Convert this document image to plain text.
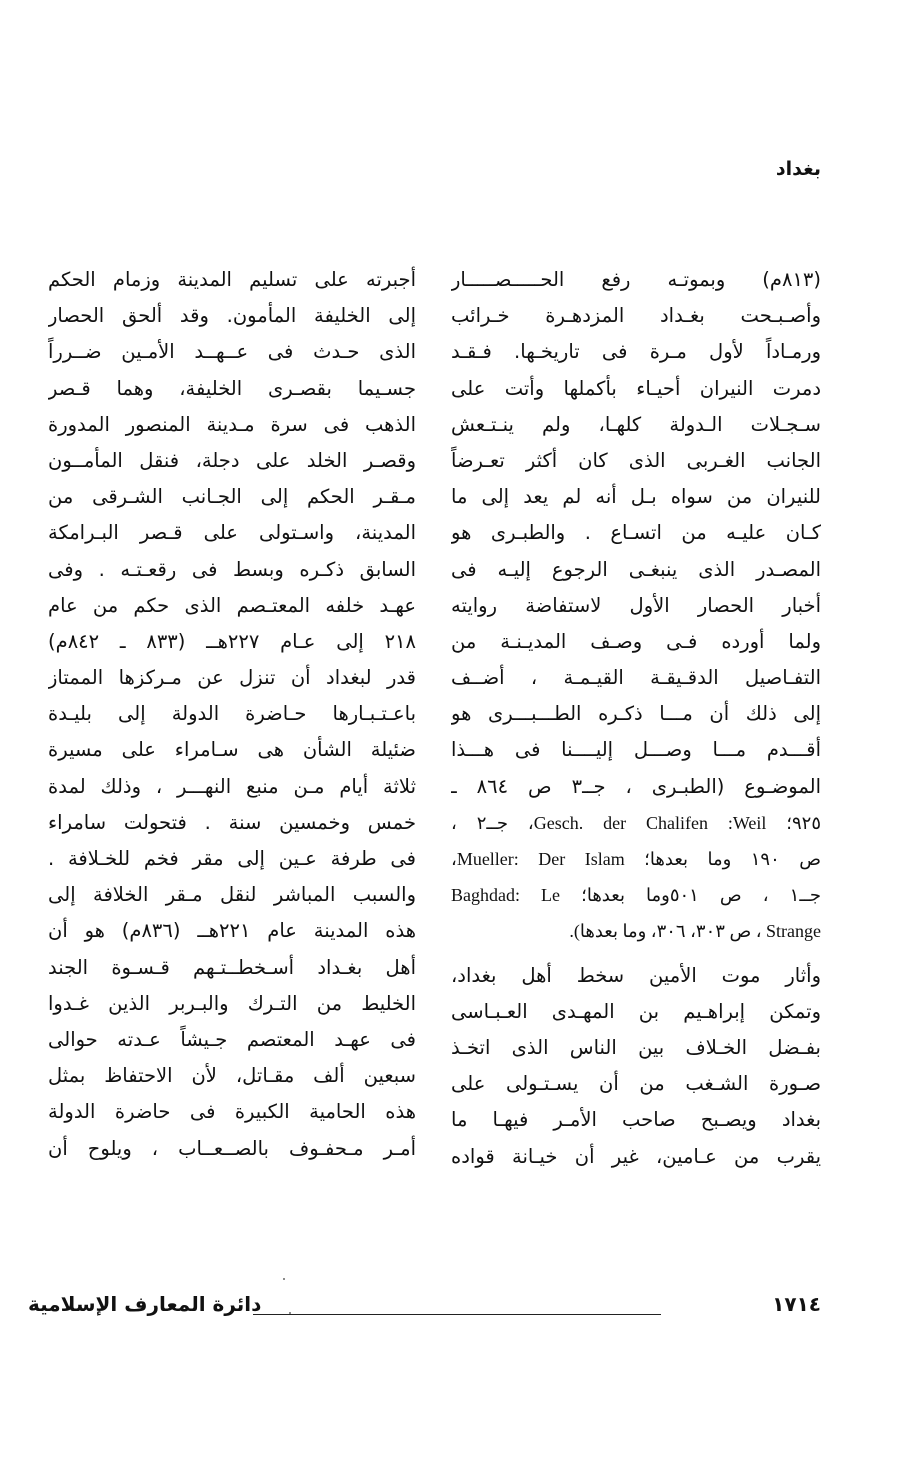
بغداد
(٨١٣م) وبموتـه رفع الحـــــصـــــار
وأصـبـحت بغـداد المزدهـرة خـرائب
ورمـاداً لأول مـرة فى تاريخـها. فـقـد
دمرت النيران أحيـاء بأكملها وأتت على
سـجـلات الـدولة كلهـا، ولم ينـتـعش
الجانب الغـربى الذى كان أكثر تعـرضاً
للنيران من سواه بـل أنه لم يعد إلى ما
كـان عليـه من اتسـاع . والطبـرى هو
المصـدر الذى ينبغـى الرجوع إليـه فى
أخبار الحصار الأول لاستفاضة روايته
ولما أورده فـى وصـف المديـنـة من
التفـاصيل الدقـيقـة القيـمـة ، أضــف
إلى ذلك أن مـــا ذكـره الطـــبـــرى هو
أقـــدم مـــا وصـــل إليــــنا فى هـــذا
الموضـوع (الطبـرى ، جــ٣ ص ٨٦٤ ـ
٩٢٥؛ Gesch. der Chalifen :Weil، جــ٢ ،
ص ١٩٠ وما بعدها؛ Mueller: Der Islam،
جــ١ ، ص ٥٠١وما بعدها؛ Baghdad: Le
Strange ، ص ٣٠٣، ٣٠٦، وما بعدها).
وأثار موت الأمين سخط أهل بغداد،
وتمكن إبراهـيم بن المهـدى العـبـاسى
بفـضل الخـلاف بين الناس الذى اتخـذ
صـورة الشـغب من أن يسـتـولى على
بغداد ويصـبح صاحب الأمـر فيهـا ما
يقرب من عـامين، غير أن خيـانة قواده
أجبرته على تسليم المدينة وزمام الحكم
إلى الخليفة المأمون. وقد ألحق الحصار
الذى حـدث فى عــهــد الأمـين ضــرراً
جسـيما بقصـرى الخليفة، وهما قـصر
الذهب فى سرة مـدينة المنصور المدورة
وقصـر الخلد على دجلة، فنقل المأمــون
مـقـر الحكم إلى الجـانب الشـرقى من
المدينة، واسـتولى على قـصر البـرامكة
السابق ذكـره وبسط فى رقعـتـه . وفى
عهـد خلفه المعتـصم الذى حكم من عام
٢١٨ إلى عـام ٢٢٧هــ (٨٣٣ ـ ٨٤٢م)
قدر لبغداد أن تنزل عن مـركزها الممتاز
باعـتـبـارها حـاضرة الدولة إلى بليـدة
ضئيلة الشأن هى سـامراء على مسيرة
ثلاثة أيام مـن منبع النهـــر ، وذلك لمدة
خمس وخمسين سنة . فتحولت سامراء
فى طرفة عـين إلى مقر فخم للخـلافة .
والسبب المباشر لنقل مـقر الخلافة إلى
هذه المدينة عام ٢٢١هــ (٨٣٦م) هو أن
أهل بغـداد أسـخطــتـهم قـسـوة الجند
الخليط من التـرك والبـربر الذين غـدوا
فى عهـد المعتصم جـيشاً عـدته حوالى
سبعين ألف مقـاتل، لأن الاحتفاظ بمثل
هذه الحامية الكبيرة فى حاضرة الدولة
أمـر مـحفـوف بالصــعــاب ، ويلوح أن
١٧١٤
دائرة المعارف الإسلامية
